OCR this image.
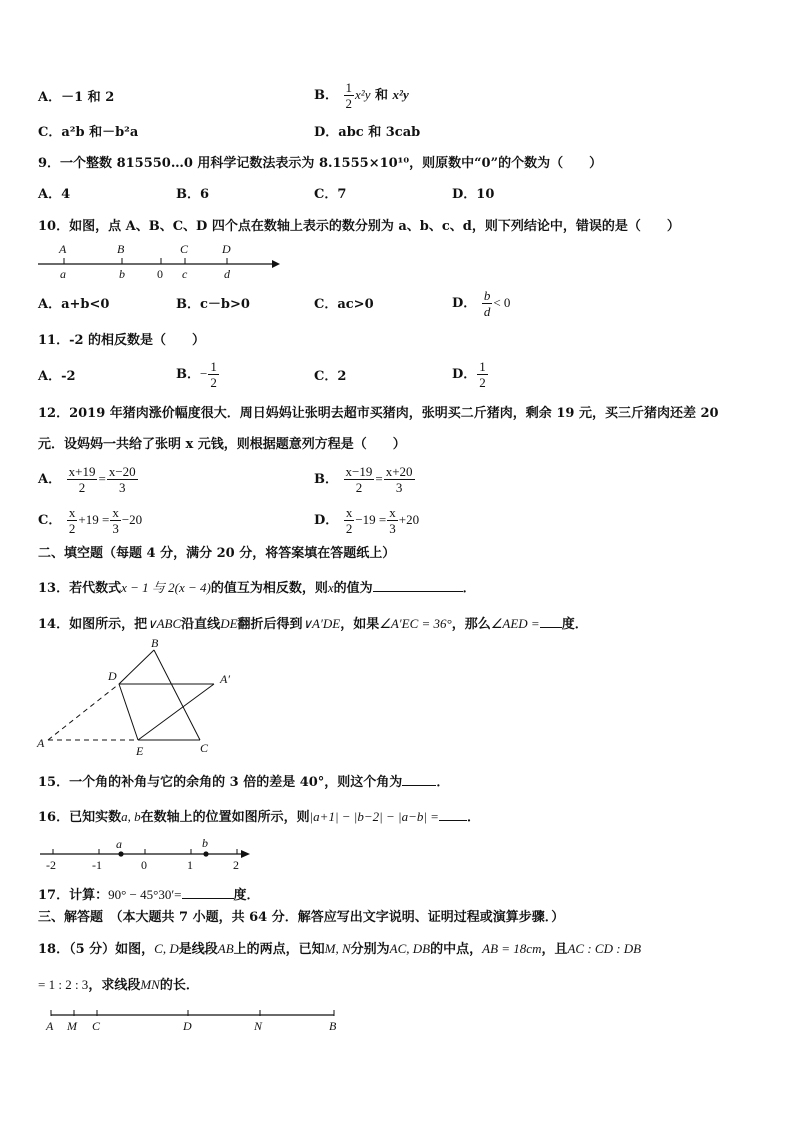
A．－1 和 2	B． $\frac{1}{2} x^2y$ 和 x²y
C．a²b 和－b²a	D．abc 和 3cab
9．一个整数 815550…0 用科学记数法表示为 8.1555×10¹⁰，则原数中“0”的个数为（　　）
A．4	B．6	C．7	D．10
10．如图，点 A、B、C、D 四个点在数轴上表示的数分别为 a、b、c、d，则下列结论中，错误的是（　　）
A	B	C	D
a	b	0 c	d
A．a+b<0	B．c－b>0	C．ac>0	D． $\frac{b}{d} < 0$
11．-2 的相反数是（　　）
A．-2	B．− $\frac{1}{2}$	C．2	D． $\frac{1}{2}$
12．2019 年猪肉涨价幅度很大．周日妈妈让张明去超市买猪肉，张明买二斤猪肉，剩余 19 元，买三斤猪肉还差 20
元．设妈妈一共给了张明 x 元钱，则根据题意列方程是（　　）
A． $\frac{x+19}{2} = \frac{x-20}{3}$	B． $\frac{x-19}{2} = \frac{x+20}{3}$
C． $\frac{x}{2} +19 = \frac{x}{3} -20$	D． $\frac{x}{2} -19 = \frac{x}{3} +20$
二、填空题（每题 4 分，满分 20 分，将答案填在答题纸上）
13．若代数式x − 1 与 2(x − 4)的值互为相反数，则x的值为	．
14．如图所示，把∨ABC沿直线DE翻折后得到∨A′DE，如果∠A′EC = 36°，那么∠AED = 度．
B
D	A′
A
E	C
15．一个角的补角与它的余角的 3 倍的差是 40°，则这个角为	．
16．已知实数a, b在数轴上的位置如图所示，则|a+1| − |b−2| − |a−b| = ．
a	b
-2	-1	0	1	2
17．计算：90° − 45°30′=	度．
三、解答题　（本大题共 7 小题，共 64 分．解答应写出文字说明、证明过程或演算步骤．）
18．（5 分）如图，C, D是线段AB上的两点，已知M, N分别为AC, DB的中点，AB = 18cm，且AC : CD : DB
= 1 : 2 : 3，求线段MN的长．
A M C	D	N	B
